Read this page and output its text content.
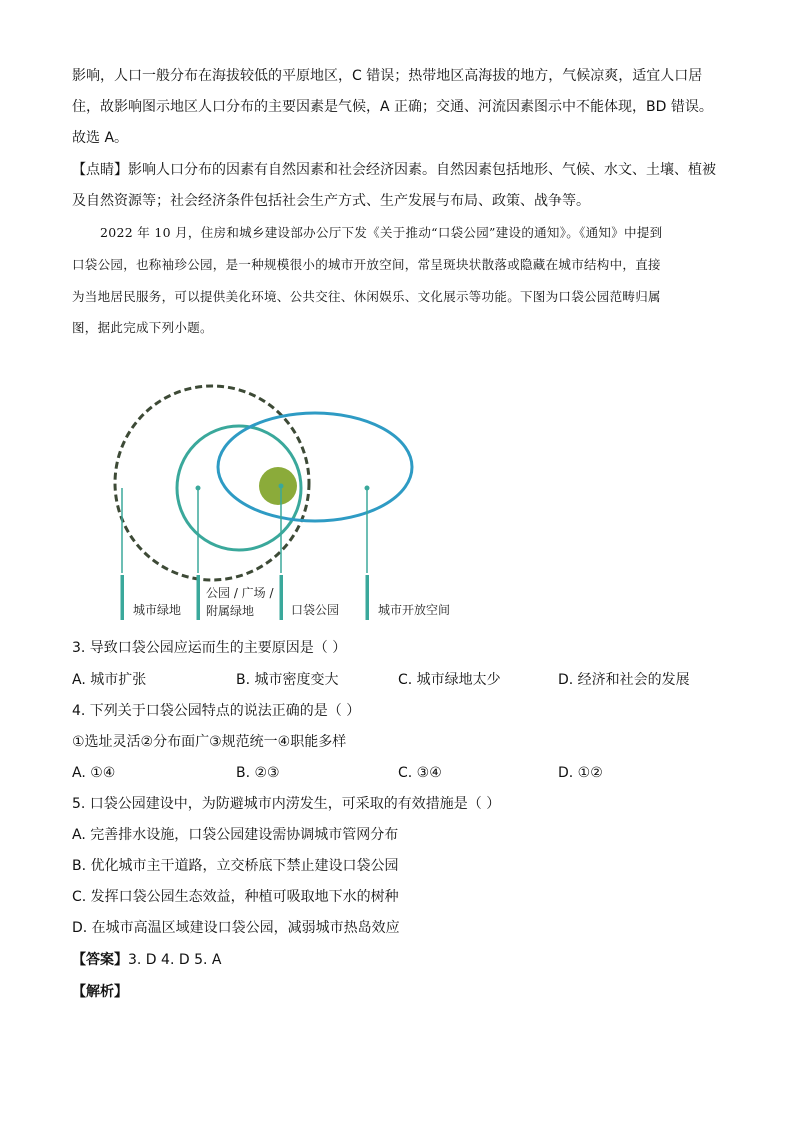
影响，人口一般分布在海拔较低的平原地区，C 错误；热带地区高海拔的地方，气候凉爽，适宜人口居
住，故影响图示地区人口分布的主要因素是气候，A 正确；交通、河流因素图示中不能体现，BD 错误。
故选 A。
【点睛】影响人口分布的因素有自然因素和社会经济因素。自然因素包括地形、气候、水文、土壤、植被
及自然资源等；社会经济条件包括社会生产方式、生产发展与布局、政策、战争等。
2022 年 10 月，住房和城乡建设部办公厅下发《关于推动“口袋公园”建设的通知》。《通知》中提到
口袋公园，也称袖珍公园，是一种规模很小的城市开放空间，常呈斑块状散落或隐藏在城市结构中，直接
为当地居民服务，可以提供美化环境、公共交往、休闲娱乐、文化展示等功能。下图为口袋公园范畴归属
图，据此完成下列小题。
城市绿地
公园 / 广场 /
附属绿地	口袋公园	城市开放空间
3. 导致口袋公园应运而生的主要原因是（ ）
A. 城市扩张	B. 城市密度变大	C. 城市绿地太少	D. 经济和社会的发展
4. 下列关于口袋公园特点的说法正确的是（ ）
①选址灵活②分布面广③规范统一④职能多样
A. ①④	B. ②③	C. ③④	D. ①②
5. 口袋公园建设中，为防避城市内涝发生，可采取的有效措施是（ ）
A. 完善排水设施，口袋公园建设需协调城市管网分布
B. 优化城市主干道路，立交桥底下禁止建设口袋公园
C. 发挥口袋公园生态效益，种植可吸取地下水的树种
D. 在城市高温区域建设口袋公园，减弱城市热岛效应
【答案】3. D 4. D 5. A
【解析】
